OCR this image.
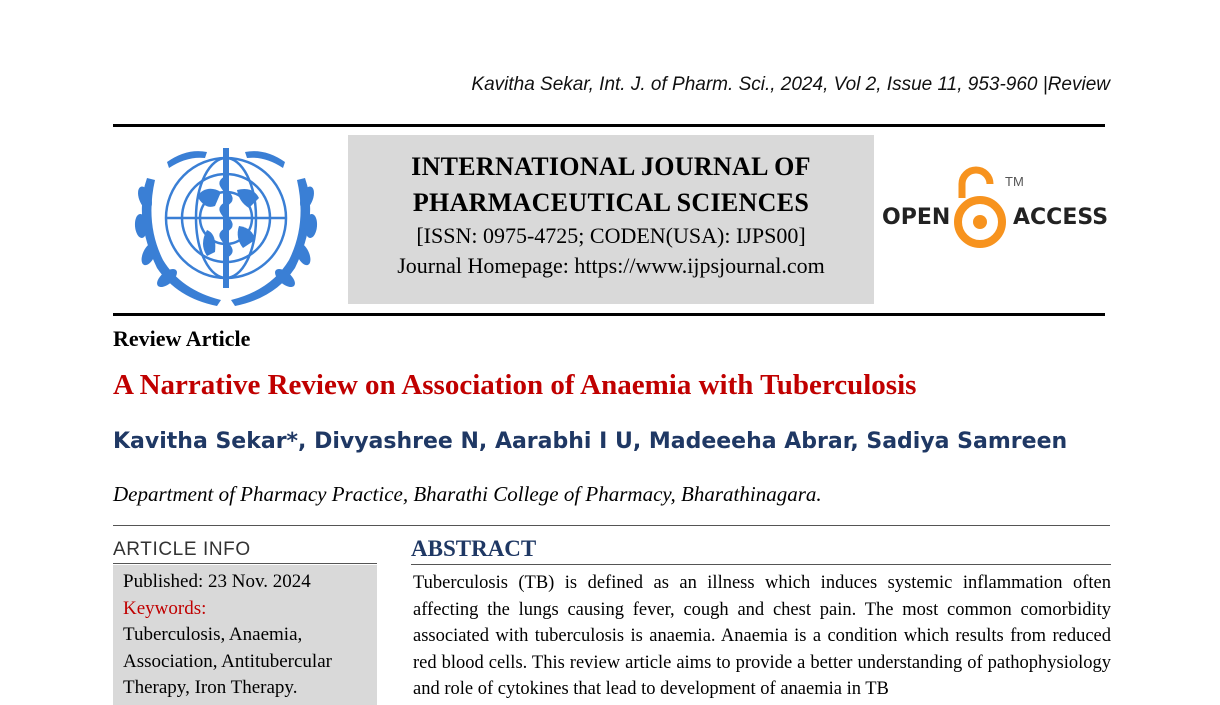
Kavitha Sekar, Int. J. of Pharm. Sci., 2024, Vol 2, Issue 11, 953-960 |Review
INTERNATIONAL JOURNAL OF
PHARMACEUTICAL SCIENCES
[ISSN: 0975-4725; CODEN(USA): IJPS00]
Journal Homepage: https://www.ijpsjournal.com
OPEN
TM
ACCESS
Review Article
A Narrative Review on Association of Anaemia with Tuberculosis
Kavitha Sekar*, Divyashree N, Aarabhi I U, Madeeeha Abrar, Sadiya Samreen
Department of Pharmacy Practice, Bharathi College of Pharmacy, Bharathinagara.
ARTICLE INFO
Published: 23 Nov. 2024
Keywords:
Tuberculosis, Anaemia, Association, Antitubercular Therapy, Iron Therapy.
ABSTRACT
Tuberculosis (TB) is defined as an illness which induces systemic inflammation often affecting the lungs causing fever, cough and chest pain. The most common comorbidity associated with tuberculosis is anaemia. Anaemia is a condition which results from reduced red blood cells. This review article aims to provide a better understanding of pathophysiology and role of cytokines that lead to development of anaemia in TB
